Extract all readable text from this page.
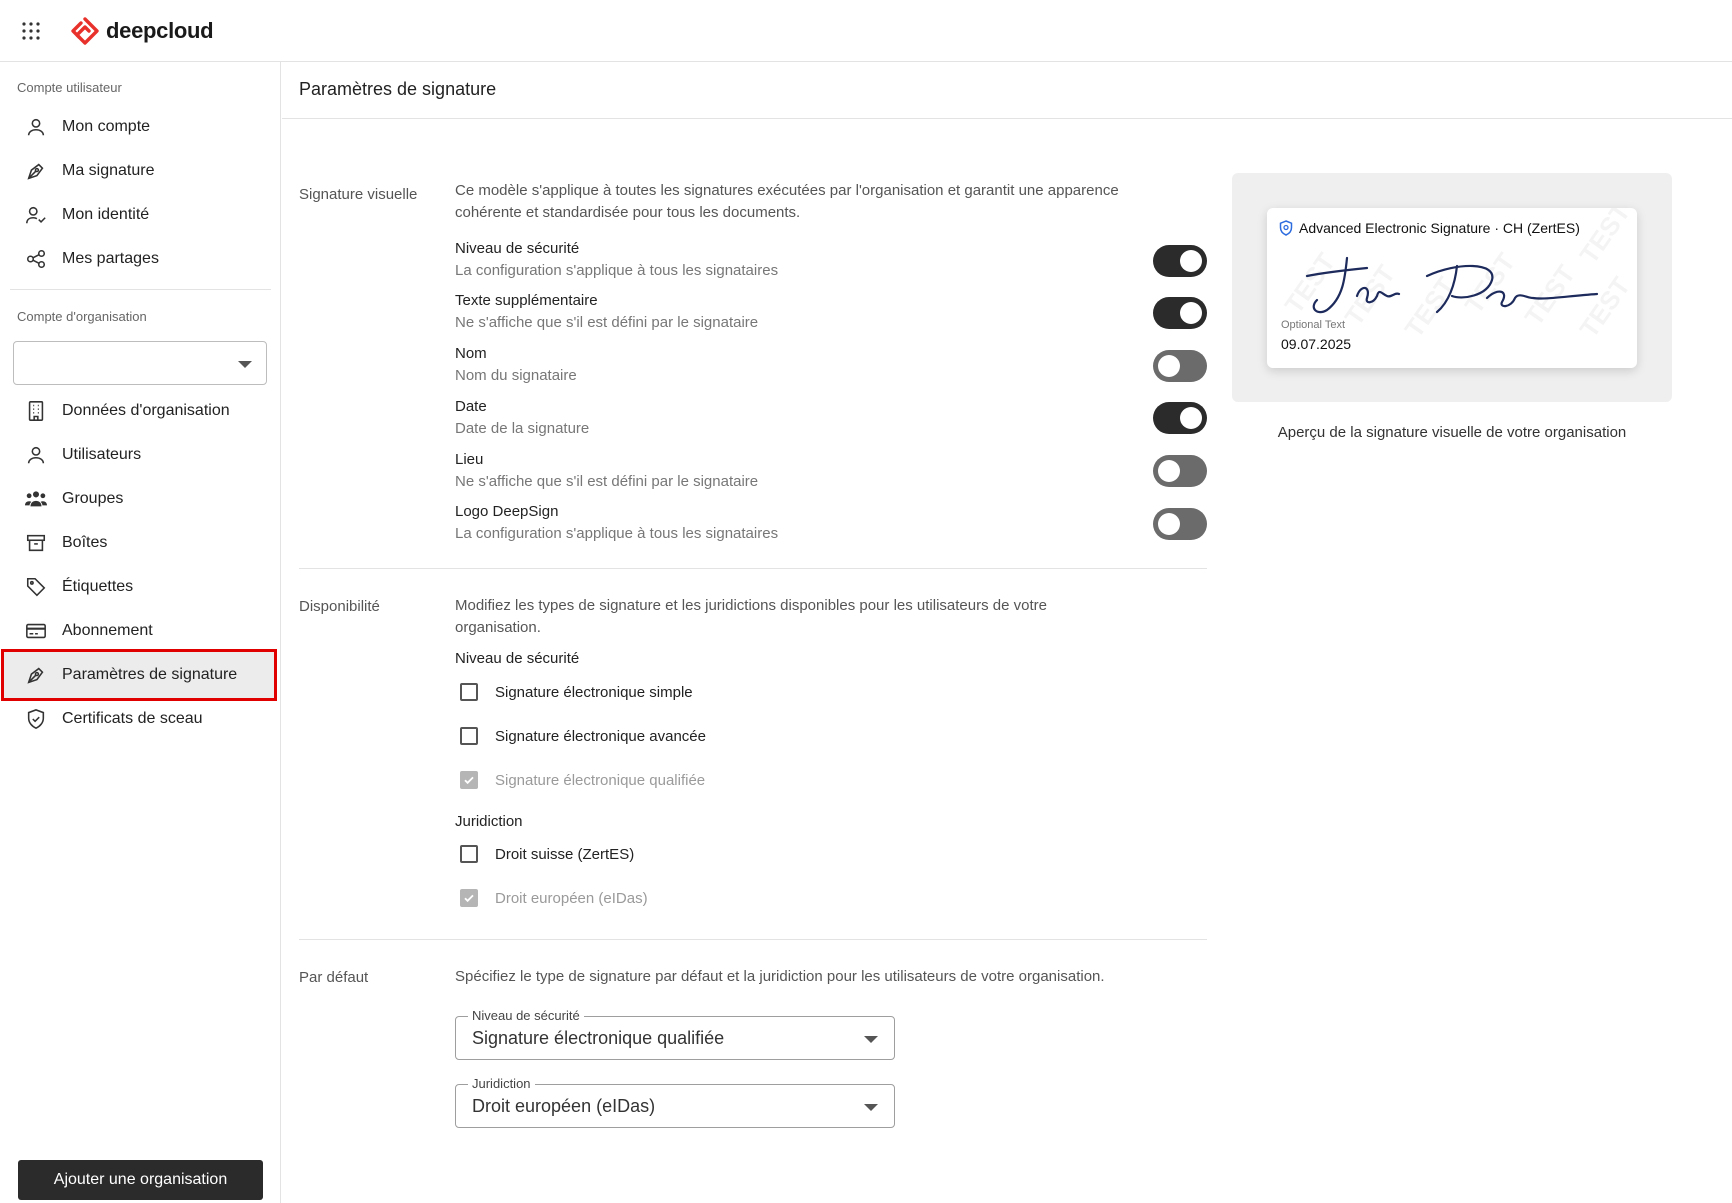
deepcloud
Compte utilisateur
Mon compte
Ma signature
Mon identité
Mes partages
Compte d'organisation
Données d'organisation
Utilisateurs
Groupes
Boîtes
Étiquettes
Abonnement
Paramètres de signature
Certificats de sceau
Ajouter une organisation
Paramètres de signature
Signature visuelle	Ce modèle s'applique à toutes les signatures exécutées par l'organisation et garantit une apparence cohérente et standardisée pour tous les documents.
Niveau de sécurité
La configuration s'applique à tous les signataires
Texte supplémentaire
Ne s'affiche que s'il est défini par le signataire
Nom
Nom du signataire
Date
Date de la signature
Lieu
Ne s'affiche que s'il est défini par le signataire
Logo DeepSign
La configuration s'applique à tous les signataires
Disponibilité	Modifiez les types de signature et les juridictions disponibles pour les utilisateurs de votre organisation.
Niveau de sécurité
Signature électronique simple
Signature électronique avancée
Signature électronique qualifiée
Juridiction
Droit suisse (ZertES)
Droit européen (eIDas)
Par défaut	Spécifiez le type de signature par défaut et la juridiction pour les utilisateurs de votre organisation.
Niveau de sécurité
Signature électronique qualifiée
Juridiction
Droit européen (eIDas)
Advanced Electronic Signature · CH (ZertES)
Optional Text
09.07.2025
Aperçu de la signature visuelle de votre organisation
